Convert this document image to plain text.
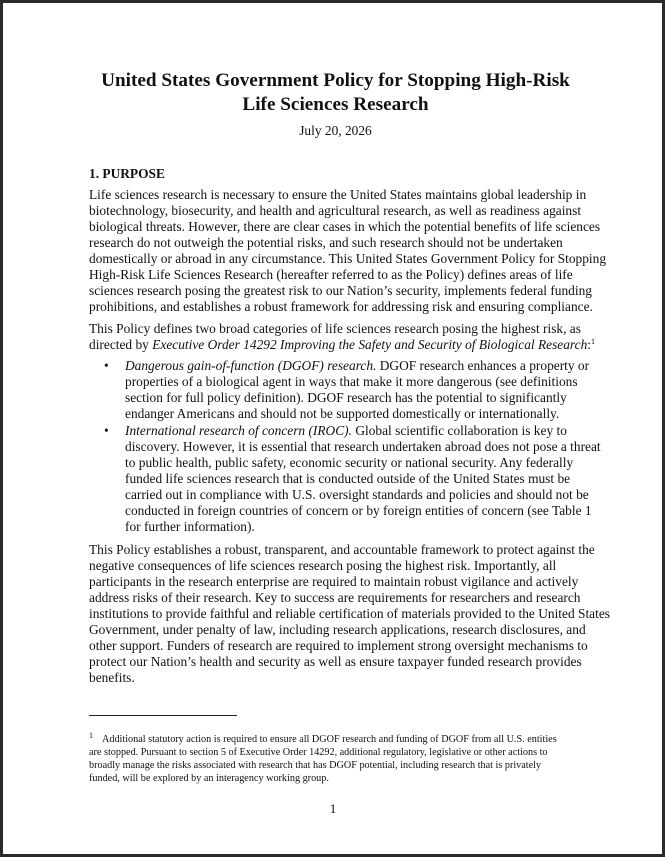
United States Government Policy for Stopping High-Risk
Life Sciences Research
July 20, 2026
1. PURPOSE
Life sciences research is necessary to ensure the United States maintains global leadership in
biotechnology, biosecurity, and health and agricultural research, as well as readiness against
biological threats. However, there are clear cases in which the potential benefits of life sciences
research do not outweigh the potential risks, and such research should not be undertaken
domestically or abroad in any circumstance. This United States Government Policy for Stopping
High-Risk Life Sciences Research (hereafter referred to as the Policy) defines areas of life
sciences research posing the greatest risk to our Nation’s security, implements federal funding
prohibitions, and establishes a robust framework for addressing risk and ensuring compliance.
This Policy defines two broad categories of life sciences research posing the highest risk, as
directed by Executive Order 14292 Improving the Safety and Security of Biological Research:$^1$
• Dangerous gain-of-function (DGOF) research. DGOF research enhances a property or
properties of a biological agent in ways that make it more dangerous (see definitions
section for full policy definition). DGOF research has the potential to significantly
endanger Americans and should not be supported domestically or internationally.
• International research of concern (IROC). Global scientific collaboration is key to
discovery. However, it is essential that research undertaken abroad does not pose a threat
to public health, public safety, economic security or national security. Any federally
funded life sciences research that is conducted outside of the United States must be
carried out in compliance with U.S. oversight standards and policies and should not be
conducted in foreign countries of concern or by foreign entities of concern (see Table 1
for further information).
This Policy establishes a robust, transparent, and accountable framework to protect against the
negative consequences of life sciences research posing the highest risk. Importantly, all
participants in the research enterprise are required to maintain robust vigilance and actively
address risks of their research. Key to success are requirements for researchers and research
institutions to provide faithful and reliable certification of materials provided to the United States
Government, under penalty of law, including research applications, research disclosures, and
other support. Funders of research are required to implement strong oversight mechanisms to
protect our Nation’s health and security as well as ensure taxpayer funded research provides
benefits.
1 Additional statutory action is required to ensure all DGOF research and funding of DGOF from all U.S. entities
are stopped. Pursuant to section 5 of Executive Order 14292, additional regulatory, legislative or other actions to
broadly manage the risks associated with research that has DGOF potential, including research that is privately
funded, will be explored by an interagency working group.
1
